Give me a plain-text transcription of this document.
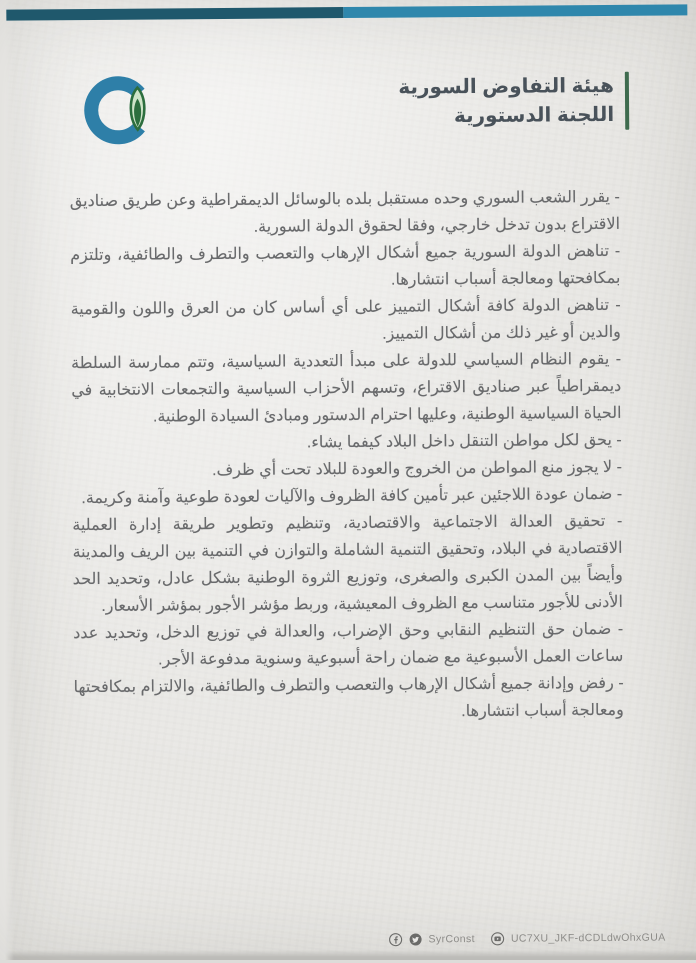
هيئة التفاوض السورية
اللجنة الدستورية

- يقرر الشعب السوري وحده مستقبل بلده بالوسائل الديمقراطية وعن طريق صناديق الاقتراع بدون تدخل خارجي، وفقا لحقوق الدولة السورية.

- تناهض الدولة السورية جميع أشكال الإرهاب والتعصب والتطرف والطائفية، وتلتزم بمكافحتها ومعالجة أسباب انتشارها.

- تناهض الدولة كافة أشكال التمييز على أي أساس كان من العرق واللون والقومية والدين أو غير ذلك من أشكال التمييز.

- يقوم النظام السياسي للدولة على مبدأ التعددية السياسية، وتتم ممارسة السلطة ديمقراطياً عبر صناديق الاقتراع، وتسهم الأحزاب السياسية والتجمعات الانتخابية في الحياة السياسية الوطنية، وعليها احترام الدستور ومبادئ السيادة الوطنية.

- يحق لكل مواطن التنقل داخل البلاد كيفما يشاء.

- لا يجوز منع المواطن من الخروج والعودة للبلاد تحت أي ظرف.

- ضمان عودة اللاجئين عبر تأمين كافة الظروف والآليات لعودة طوعية وآمنة وكريمة.

- تحقيق العدالة الاجتماعية والاقتصادية، وتنظيم وتطوير طريقة إدارة العملية الاقتصادية في البلاد، وتحقيق التنمية الشاملة والتوازن في التنمية بين الريف والمدينة وأيضاً بين المدن الكبرى والصغرى، وتوزيع الثروة الوطنية بشكل عادل، وتحديد الحد الأدنى للأجور متناسب مع الظروف المعيشية، وربط مؤشر الأجور بمؤشر الأسعار.

- ضمان حق التنظيم النقابي وحق الإضراب، والعدالة في توزيع الدخل، وتحديد عدد ساعات العمل الأسبوعية مع ضمان راحة أسبوعية وسنوية مدفوعة الأجر.

- رفض وإدانة جميع أشكال الإرهاب والتعصب والتطرف والطائفية، والالتزام بمكافحتها ومعالجة أسباب انتشارها.

SyrConst	UC7XU_JKF-dCDLdwOhxGUA
